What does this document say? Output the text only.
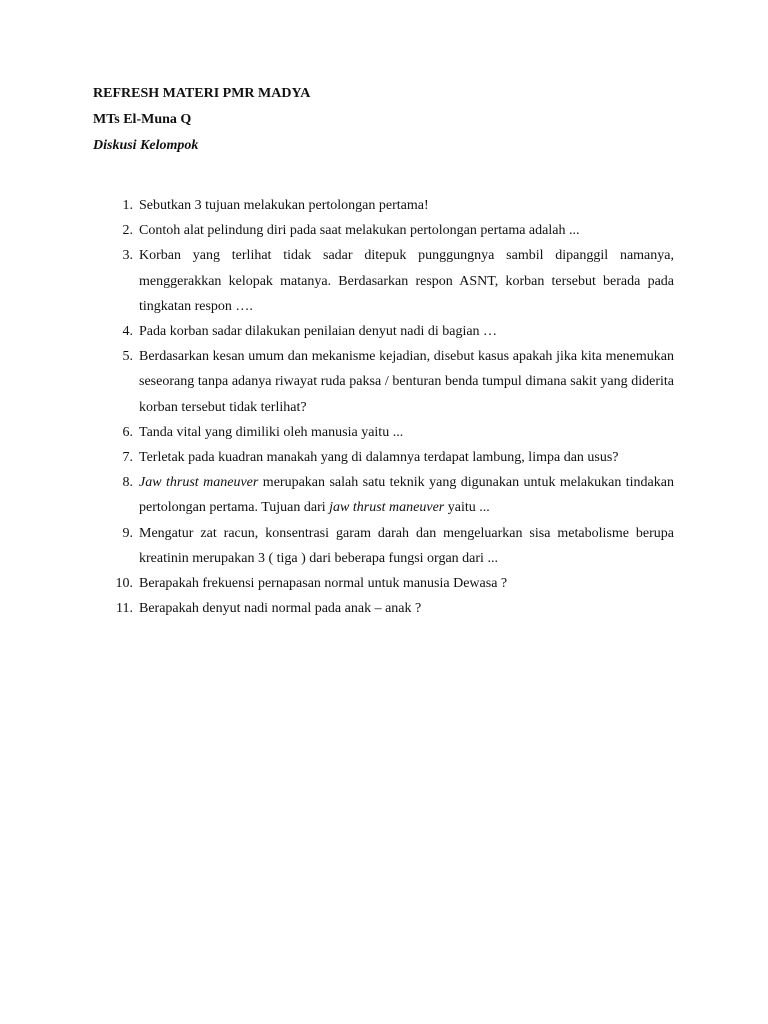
REFRESH MATERI PMR MADYA

MTs El-Muna Q

Diskusi Kelompok

1. Sebutkan 3 tujuan melakukan pertolongan pertama!
2. Contoh alat pelindung diri pada saat melakukan pertolongan pertama adalah ...
3. Korban yang terlihat tidak sadar ditepuk punggungnya sambil dipanggil namanya, menggerakkan kelopak matanya. Berdasarkan respon ASNT, korban tersebut berada pada tingkatan respon ….
4. Pada korban sadar dilakukan penilaian denyut nadi di bagian …
5. Berdasarkan kesan umum dan mekanisme kejadian, disebut kasus apakah jika kita menemukan seseorang tanpa adanya riwayat ruda paksa / benturan benda tumpul dimana sakit yang diderita korban tersebut tidak terlihat?
6. Tanda vital yang dimiliki oleh manusia yaitu ...
7. Terletak pada kuadran manakah yang di dalamnya terdapat lambung, limpa dan usus?
8. Jaw thrust maneuver merupakan salah satu teknik yang digunakan untuk melakukan tindakan pertolongan pertama. Tujuan dari jaw thrust maneuver yaitu ...
9. Mengatur zat racun, konsentrasi garam darah dan mengeluarkan sisa metabolisme berupa kreatinin merupakan 3 ( tiga ) dari beberapa fungsi organ dari ...
10. Berapakah frekuensi pernapasan normal untuk manusia Dewasa ?
11. Berapakah denyut nadi normal pada anak – anak ?
